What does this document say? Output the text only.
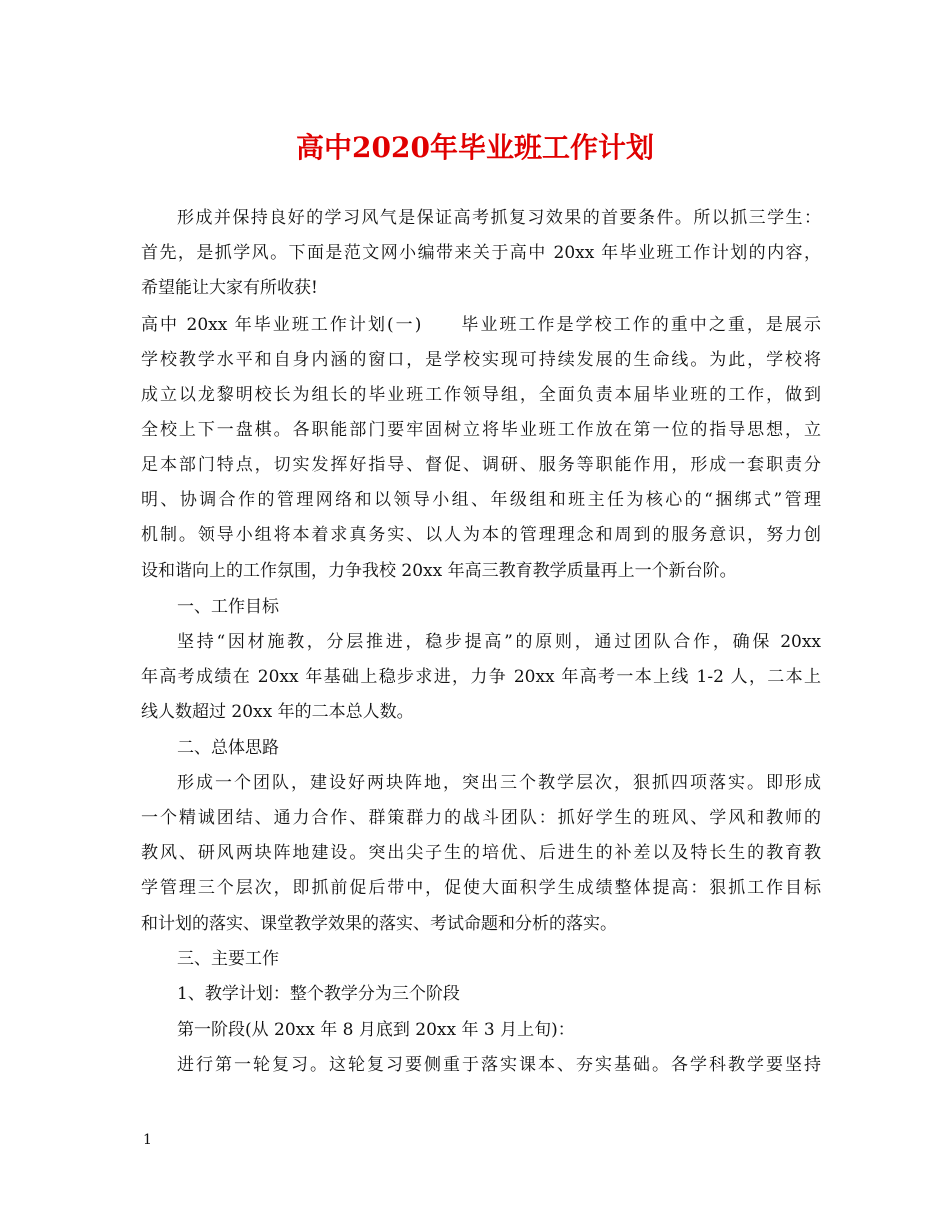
高中2020年毕业班工作计划
形成并保持良好的学习风气是保证高考抓复习效果的首要条件。所以抓三学生：
首先，是抓学风。下面是范文网小编带来关于高中 20xx 年毕业班工作计划的内容，
希望能让大家有所收获!
高中 20xx 年毕业班工作计划(一)　　毕业班工作是学校工作的重中之重，是展示
学校教学水平和自身内涵的窗口，是学校实现可持续发展的生命线。为此，学校将
成立以龙黎明校长为组长的毕业班工作领导组，全面负责本届毕业班的工作，做到
全校上下一盘棋。各职能部门要牢固树立将毕业班工作放在第一位的指导思想，立
足本部门特点，切实发挥好指导、督促、调研、服务等职能作用，形成一套职责分
明、协调合作的管理网络和以领导小组、年级组和班主任为核心的“捆绑式”管理
机制。领导小组将本着求真务实、以人为本的管理理念和周到的服务意识，努力创
设和谐向上的工作氛围，力争我校 20xx 年高三教育教学质量再上一个新台阶。
一、工作目标
坚持“因材施教，分层推进，稳步提高”的原则，通过团队合作，确保 20xx
年高考成绩在 20xx 年基础上稳步求进，力争 20xx 年高考一本上线 1-2 人，二本上
线人数超过 20xx 年的二本总人数。
二、总体思路
形成一个团队，建设好两块阵地，突出三个教学层次，狠抓四项落实。即形成
一个精诚团结、通力合作、群策群力的战斗团队：抓好学生的班风、学风和教师的
教风、研风两块阵地建设。突出尖子生的培优、后进生的补差以及特长生的教育教
学管理三个层次，即抓前促后带中，促使大面积学生成绩整体提高：狠抓工作目标
和计划的落实、课堂教学效果的落实、考试命题和分析的落实。
三、主要工作
1、教学计划：整个教学分为三个阶段
第一阶段(从 20xx 年 8 月底到 20xx 年 3 月上旬)：
进行第一轮复习。这轮复习要侧重于落实课本、夯实基础。各学科教学要坚持
1
